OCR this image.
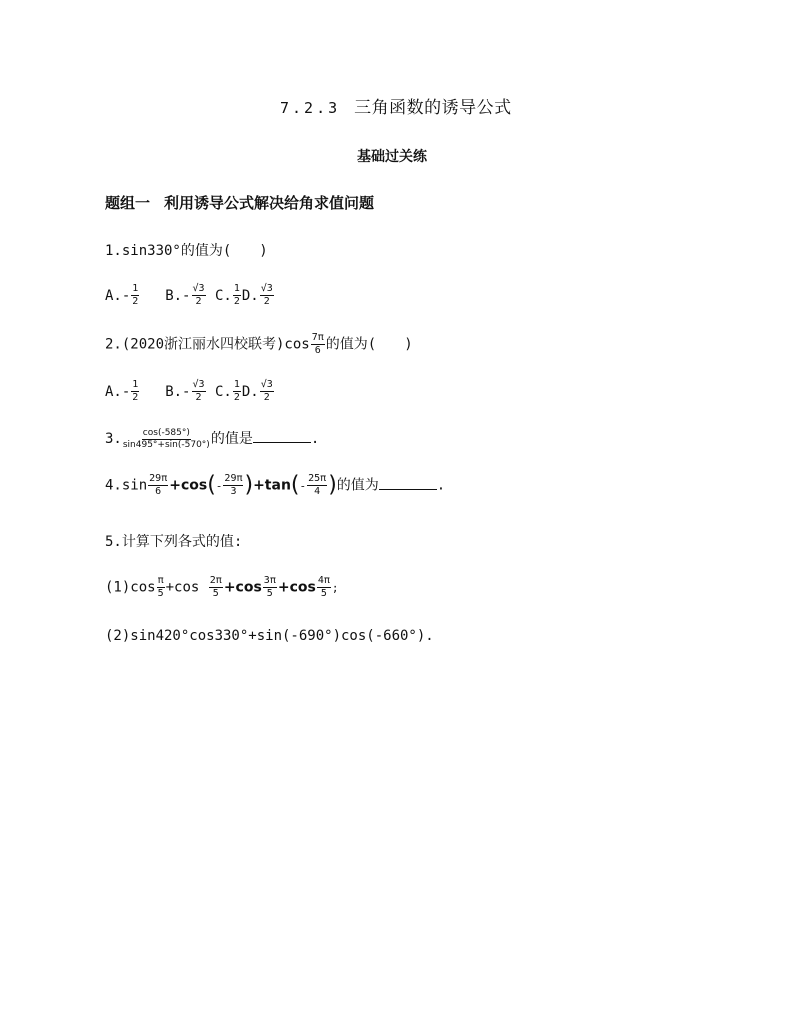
7.2.3 三角函数的诱导公式
基础过关练
题组一 利用诱导公式解决给角求值问题
1.sin330°的值为(　　)
$A.- \frac{1}{2} B.- \frac{√3}{2} C$. $\frac{1}{2} D$. $\frac{√3}{2}$
2.(2020浙江丽水四校联考)$\cos \frac{7\pi}{6}$ 的值为(　　)
$A.- \frac{1}{2} B.- \frac{√3}{2} C$. $\frac{1}{2} D$. $\frac{√3}{2}$
3. $\frac{\cos(-585^\circ)}{\sin 495^\circ+\sin(-570^\circ)}$ 的值是	.
$4.\sin \frac{29\pi}{6} +\cos(- \frac{29\pi}{3} )+\tan(- \frac{25\pi}{4}$ )的值为	.
5.计算下列各式的值:
$(1)\cos \frac{\pi}{5} +\cos \frac{2\pi}{5} +\cos \frac{3\pi}{5} +\cos \frac{4\pi}{5}$ ;
(2)sin420°cos330°+sin(-690°)cos(-660°).
